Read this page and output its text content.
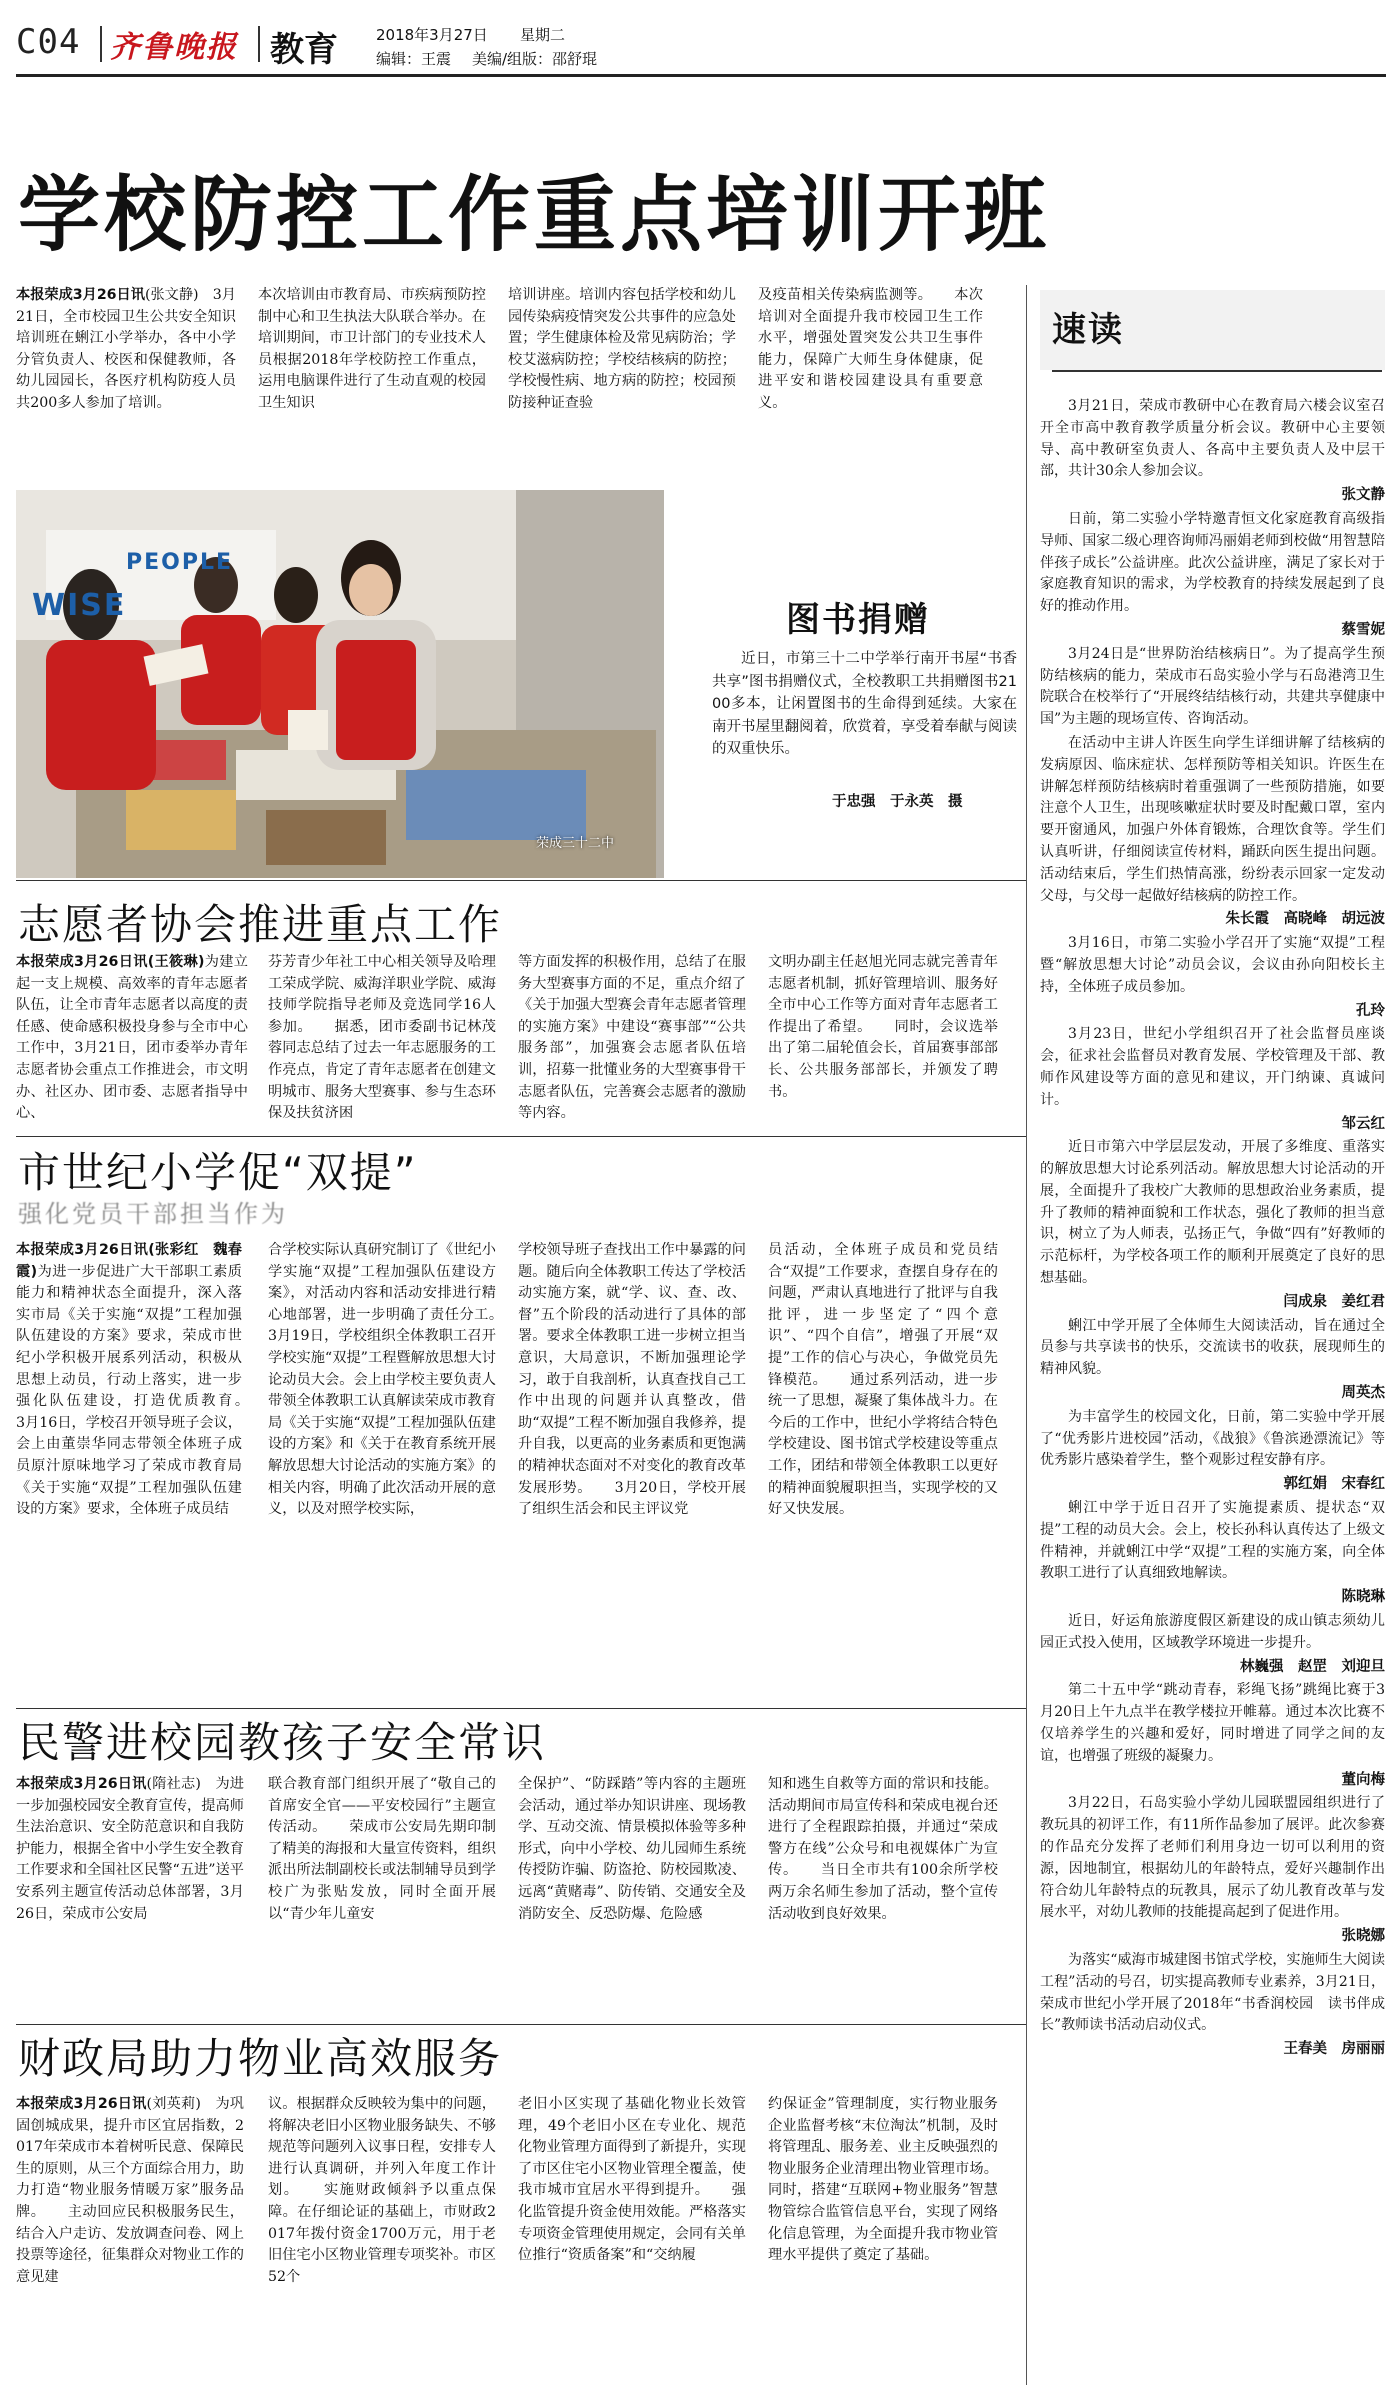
C04 齐鲁晚报 教育	2018年3月27日 星期二
编辑：王震 美编/组版：邵舒琨
学校防控工作重点培训开班
本报荣成3月26日讯(张文静)　3月21日，全市校园卫生公共安全知识培训班在蜊江小学举办，各中小学分管负责人、校医和保健教师，各幼儿园园长，各医疗机构防疫人员共200多人参加了培训。
本次培训由市教育局、市疾病预防控制中心和卫生执法大队联合举办。在培训期间，市卫计部门的专业技术人员根据2018年学校防控工作重点，运用电脑课件进行了生动直观的校园卫生知识
培训讲座。培训内容包括学校和幼儿园传染病疫情突发公共事件的应急处置；学生健康体检及常见病防治；学校艾滋病防控；学校结核病的防控；学校慢性病、地方病的防控；校园预防接种证查验
及疫苗相关传染病监测等。　　本次培训对全面提升我市校园卫生工作水平，增强处置突发公共卫生事件能力，保障广大师生身体健康，促进平安和谐校园建设具有重要意义。
PEOPLE
WISE
荣成三十二中
图书捐赠
近日，市第三十二中学举行南开书屋“书香共享”图书捐赠仪式，全校教职工共捐赠图书2100多本，让闲置图书的生命得到延续。大家在南开书屋里翻阅着，欣赏着，享受着奉献与阅读的双重快乐。
于忠强　于永英　摄
志愿者协会推进重点工作
本报荣成3月26日讯(王筱琳)为建立起一支上规模、高效率的青年志愿者队伍，让全市青年志愿者以高度的责任感、使命感积极投身参与全市中心工作中，3月21日，团市委举办青年志愿者协会重点工作推进会，市文明办、社区办、团市委、志愿者指导中心、
芬芳青少年社工中心相关领导及哈理工荣成学院、威海洋职业学院、威海技师学院指导老师及竞选同学16人参加。　　据悉，团市委副书记林茂蓉同志总结了过去一年志愿服务的工作亮点，肯定了青年志愿者在创建文明城市、服务大型赛事、参与生态环保及扶贫济困
等方面发挥的积极作用，总结了在服务大型赛事方面的不足，重点介绍了《关于加强大型赛会青年志愿者管理的实施方案》中建设“赛事部”“公共服务部”，加强赛会志愿者队伍培训，招募一批懂业务的大型赛事骨干志愿者队伍，完善赛会志愿者的激励等内容。
文明办副主任赵旭光同志就完善青年志愿者机制，抓好管理培训、服务好全市中心工作等方面对青年志愿者工作提出了希望。　　同时，会议选举出了第二届轮值会长，首届赛事部部长、公共服务部部长，并颁发了聘书。
市世纪小学促“双提”
强化党员干部担当作为
本报荣成3月26日讯(张彩红　魏春霞)为进一步促进广大干部职工素质能力和精神状态全面提升，深入落实市局《关于实施“双提”工程加强队伍建设的方案》要求，荣成市世纪小学积极开展系列活动，积极从思想上动员，行动上落实，进一步强化队伍建设，打造优质教育。　　3月16日，学校召开领导班子会议，会上由董崇华同志带领全体班子成员原汁原味地学习了荣成市教育局《关于实施“双提”工程加强队伍建设的方案》要求，全体班子成员结
合学校实际认真研究制订了《世纪小学实施“双提”工程加强队伍建设方案》，对活动内容和活动安排进行精心地部署，进一步明确了责任分工。　　3月19日，学校组织全体教职工召开学校实施“双提”工程暨解放思想大讨论动员大会。会上由学校主要负责人带领全体教职工认真解读荣成市教育局《关于实施“双提”工程加强队伍建设的方案》和《关于在教育系统开展解放思想大讨论活动的实施方案》的相关内容，明确了此次活动开展的意义，以及对照学校实际，
学校领导班子查找出工作中暴露的问题。随后向全体教职工传达了学校活动实施方案，就“学、议、查、改、督”五个阶段的活动进行了具体的部署。要求全体教职工进一步树立担当意识，大局意识，不断加强理论学习，敢于自我剖析，认真查找自己工作中出现的问题并认真整改，借助“双提”工程不断加强自我修养，提升自我，以更高的业务素质和更饱满的精神状态面对不对变化的教育改革发展形势。　　3月20日，学校开展了组织生活会和民主评议党
员活动，全体班子成员和党员结合“双提”工作要求，查摆自身存在的问题，严肃认真地进行了批评与自我批评，进一步坚定了“四个意识”、“四个自信”，增强了开展“双提”工作的信心与决心，争做党员先锋模范。　　通过系列活动，进一步统一了思想，凝聚了集体战斗力。在今后的工作中，世纪小学将结合特色学校建设、图书馆式学校建设等重点工作，团结和带领全体教职工以更好的精神面貌履职担当，实现学校的又好又快发展。
民警进校园教孩子安全常识
本报荣成3月26日讯(隋社志)　为进一步加强校园安全教育宣传，提高师生法治意识、安全防范意识和自我防护能力，根据全省中小学生安全教育工作要求和全国社区民警“五进”送平安系列主题宣传活动总体部署，3月26日，荣成市公安局
联合教育部门组织开展了“敬自己的首席安全官——平安校园行”主题宣传活动。　　荣成市公安局先期印制了精美的海报和大量宣传资料，组织派出所法制副校长或法制辅导员到学校广为张贴发放，同时全面开展以“青少年儿童安
全保护”、“防踩踏”等内容的主题班会活动，通过举办知识讲座、现场教学、互动交流、情景模拟体验等多种形式，向中小学校、幼儿园师生系统传授防诈骗、防盗抢、防校园欺凌、远离“黄赌毒”、防传销、交通安全及消防安全、反恐防爆、危险感
知和逃生自救等方面的常识和技能。活动期间市局宣传科和荣成电视台还进行了全程跟踪拍摄，并通过“荣成警方在线”公众号和电视媒体广为宣传。　　当日全市共有100余所学校两万余名师生参加了活动，整个宣传活动收到良好效果。
财政局助力物业高效服务
本报荣成3月26日讯(刘英莉)　为巩固创城成果，提升市区宜居指数，2017年荣成市本着树听民意、保障民生的原则，从三个方面综合用力，助力打造“物业服务情暖万家”服务品牌。　　主动回应民积极服务民生，结合入户走访、发放调查问卷、网上投票等途径，征集群众对物业工作的意见建
议。根据群众反映较为集中的问题，将解决老旧小区物业服务缺失、不够规范等问题列入议事日程，安排专人进行认真调研，并列入年度工作计划。　　实施财政倾斜予以重点保障。在仔细论证的基础上，市财政2017年拨付资金1700万元，用于老旧住宅小区物业管理专项奖补。市区52个
老旧小区实现了基础化物业长效管理，49个老旧小区在专业化、规范化物业管理方面得到了新提升，实现了市区住宅小区物业管理全覆盖，使我市城市宜居水平得到提升。　　强化监管提升资金使用效能。严格落实专项资金管理使用规定，会同有关单位推行“资质备案”和“交纳履
约保证金”管理制度，实行物业服务企业监督考核“末位淘汰”机制，及时将管理乱、服务差、业主反映强烈的物业服务企业清理出物业管理市场。同时，搭建“互联网+物业服务”智慧物管综合监管信息平台，实现了网络化信息管理，为全面提升我市物业管理水平提供了奠定了基础。
速读

3月21日，荣成市教研中心在教育局六楼会议室召开全市高中教育教学质量分析会议。教研中心主要领导、高中教研室负责人、各高中主要负责人及中层干部，共计30余人参加会议。

张文静

日前，第二实验小学特邀青恒文化家庭教育高级指导师、国家二级心理咨询师冯丽娟老师到校做“用智慧陪伴孩子成长”公益讲座。此次公益讲座，满足了家长对于家庭教育知识的需求，为学校教育的持续发展起到了良好的推动作用。

蔡雪妮

3月24日是“世界防治结核病日”。为了提高学生预防结核病的能力，荣成市石岛实验小学与石岛港湾卫生院联合在校举行了“开展终结结核行动，共建共享健康中国”为主题的现场宣传、咨询活动。

在活动中主讲人许医生向学生详细讲解了结核病的发病原因、临床症状、怎样预防等相关知识。许医生在讲解怎样预防结核病时着重强调了一些预防措施，如要注意个人卫生，出现咳嗽症状时要及时配戴口罩，室内要开窗通风，加强户外体育锻炼，合理饮食等。学生们认真听讲，仔细阅读宣传材料，踊跃向医生提出问题。活动结束后，学生们热情高涨，纷纷表示回家一定发动父母，与父母一起做好结核病的防控工作。

朱长霞　高晓峰　胡远波

3月16日，市第二实验小学召开了实施“双提”工程暨“解放思想大讨论”动员会议，会议由孙向阳校长主持，全体班子成员参加。

孔玲

3月23日，世纪小学组织召开了社会监督员座谈会，征求社会监督员对教育发展、学校管理及干部、教师作风建设等方面的意见和建议，开门纳谏、真诚问计。

邹云红

近日市第六中学层层发动，开展了多维度、重落实的解放思想大讨论系列活动。解放思想大讨论活动的开展，全面提升了我校广大教师的思想政治业务素质，提升了教师的精神面貌和工作状态，强化了教师的担当意识，树立了为人师表，弘扬正气，争做“四有”好教师的示范标杆，为学校各项工作的顺利开展奠定了良好的思想基础。

闫成泉　姜红君

蜊江中学开展了全体师生大阅读活动，旨在通过全员参与共享读书的快乐，交流读书的收获，展现师生的精神风貌。

周英杰

为丰富学生的校园文化，日前，第二实验中学开展了“优秀影片进校园”活动，《战狼》《鲁滨逊漂流记》等优秀影片感染着学生，整个观影过程安静有序。

郭红娟　宋春红

蜊江中学于近日召开了实施提素质、提状态“双提”工程的动员大会。会上，校长孙科认真传达了上级文件精神，并就蜊江中学“双提”工程的实施方案，向全体教职工进行了认真细致地解读。

陈晓琳

近日，好运角旅游度假区新建设的成山镇志须幼儿园正式投入使用，区域教学环境进一步提升。

林巍强　赵罡　刘迎旦

第二十五中学“跳动青春，彩绳飞扬”跳绳比赛于3月20日上午九点半在教学楼拉开帷幕。通过本次比赛不仅培养学生的兴趣和爱好，同时增进了同学之间的友谊，也增强了班级的凝聚力。

董向梅

3月22日，石岛实验小学幼儿园联盟园组织进行了教玩具的初评工作，有11所作品参加了展评。此次参赛的作品充分发挥了老师们利用身边一切可以利用的资源，因地制宜，根据幼儿的年龄特点，爱好兴趣制作出符合幼儿年龄特点的玩教具，展示了幼儿教育改革与发展水平，对幼儿教师的技能提高起到了促进作用。

张晓娜

为落实“威海市城建图书馆式学校，实施师生大阅读工程”活动的号召，切实提高教师专业素养，3月21日，荣成市世纪小学开展了2018年“书香润校园　读书伴成长”教师读书活动启动仪式。

王春美　房丽丽
